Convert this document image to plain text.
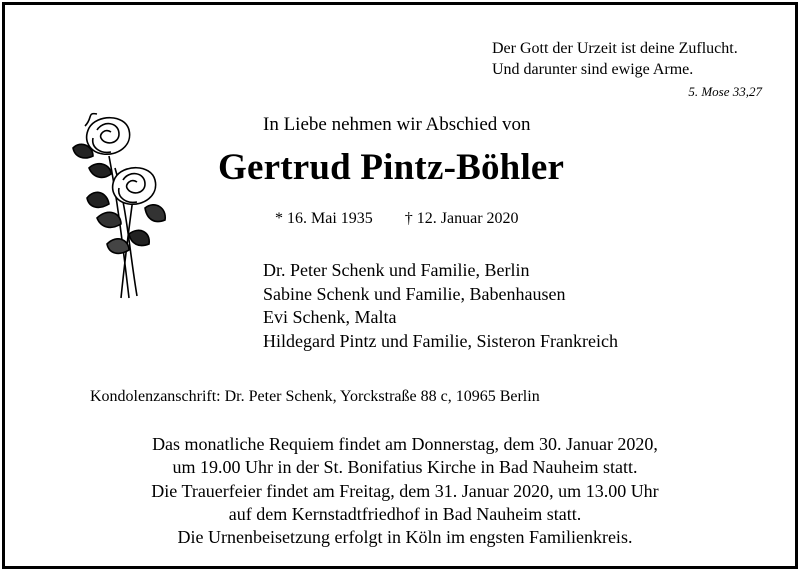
Der Gott der Urzeit ist deine Zuflucht.
Und darunter sind ewige Arme.
5. Mose 33,27
In Liebe nehmen wir Abschied von
Gertrud Pintz-Böhler
* 16. Mai 1935 † 12. Januar 2020
Dr. Peter Schenk und Familie, Berlin
Sabine Schenk und Familie, Babenhausen
Evi Schenk, Malta
Hildegard Pintz und Familie, Sisteron Frankreich
Kondolenzanschrift: Dr. Peter Schenk, Yorckstraße 88 c, 10965 Berlin
Das monatliche Requiem findet am Donnerstag, dem 30. Januar 2020,
um 19.00 Uhr in der St. Bonifatius Kirche in Bad Nauheim statt.
Die Trauerfeier findet am Freitag, dem 31. Januar 2020, um 13.00 Uhr
auf dem Kernstadtfriedhof in Bad Nauheim statt.
Die Urnenbeisetzung erfolgt in Köln im engsten Familienkreis.
